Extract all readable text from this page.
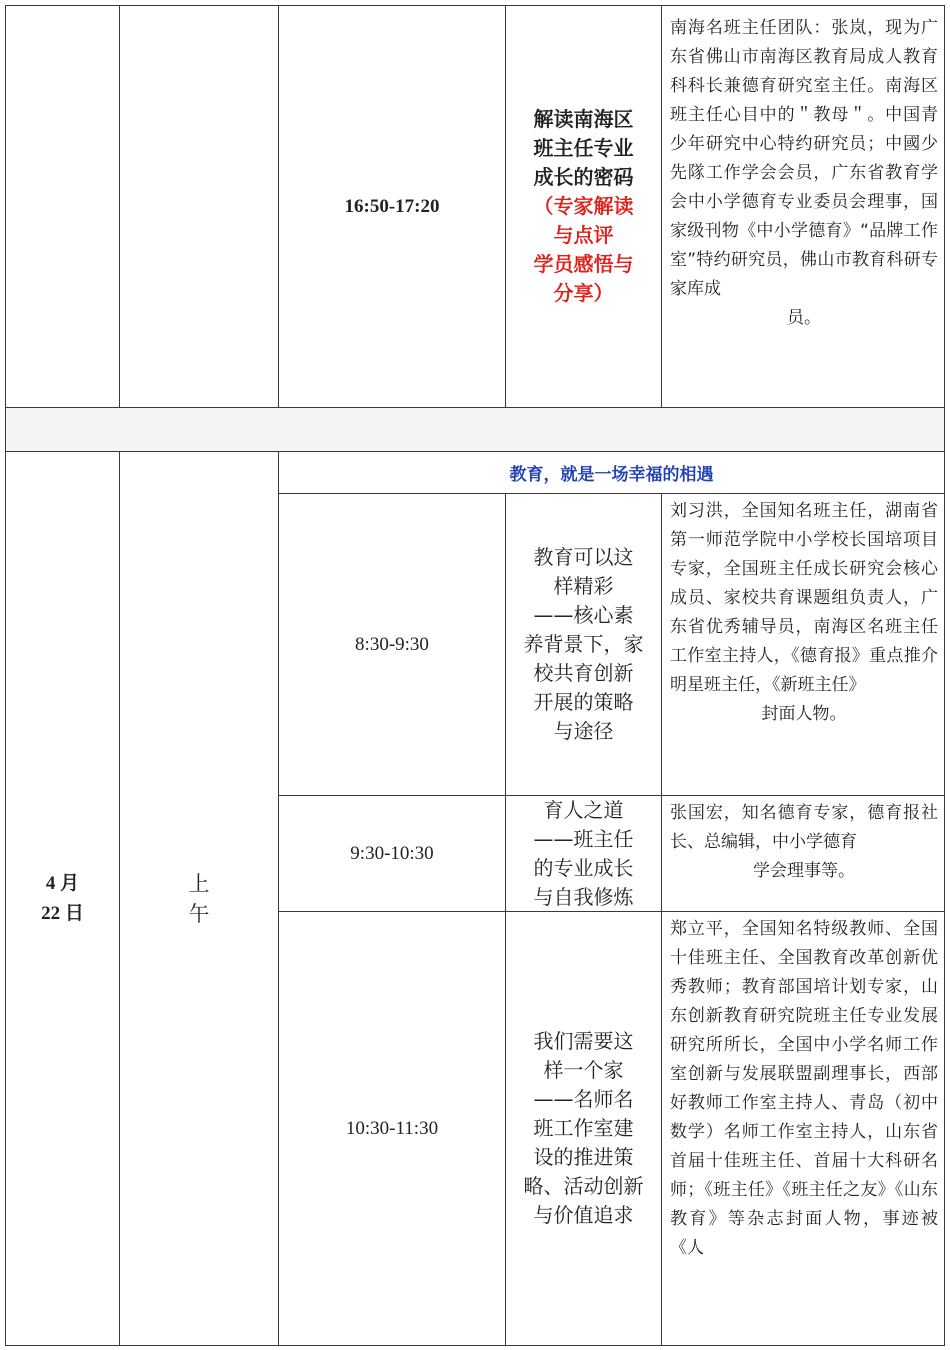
16:50-17:20
解读南海区
班主任专业
成长的密码
（专家解读
与点评
学员感悟与
分享）
南海名班主任团队：张岚，现为广东省佛山市南海区教育局成人教育科科长兼德育研究室主任。南海区班主任心目中的＂教母＂。中国青少年研究中心特约研究员；中國少先隊工作学会会员，广东省教育学会中小学德育专业委员会理事，国家级刊物《中小学德育》“品牌工作室”特约研究员，佛山市教育科研专家库成
员。
4 月
22 日
上
午
教育，就是一场幸福的相遇
8:30-9:30
教育可以这
样精彩
——核心素
养背景下，家
校共育创新
开展的策略
与途径
刘习洪，全国知名班主任，湖南省第一师范学院中小学校长国培项目专家，全国班主任成长研究会核心成员、家校共育课题组负责人，广东省优秀辅导员，南海区名班主任工作室主持人，《德育报》重点推介明星班主任，《新班主任》
封面人物。
9:30-10:30
育人之道
——班主任
的专业成长
与自我修炼
张国宏，知名德育专家，德育报社长、总编辑，中小学德育
学会理事等。
10:30-11:30
我们需要这
样一个家
——名师名
班工作室建
设的推进策
略、活动创新
与价值追求
郑立平，全国知名特级教师、全国十佳班主任、全国教育改革创新优秀教师；教育部国培计划专家，山东创新教育研究院班主任专业发展研究所所长，全国中小学名师工作室创新与发展联盟副理事长，西部好教师工作室主持人、青岛（初中数学）名师工作室主持人，山东省首届十佳班主任、首届十大科研名师；《班主任》《班主任之友》《山东教育》等杂志封面人物，事迹被《人
